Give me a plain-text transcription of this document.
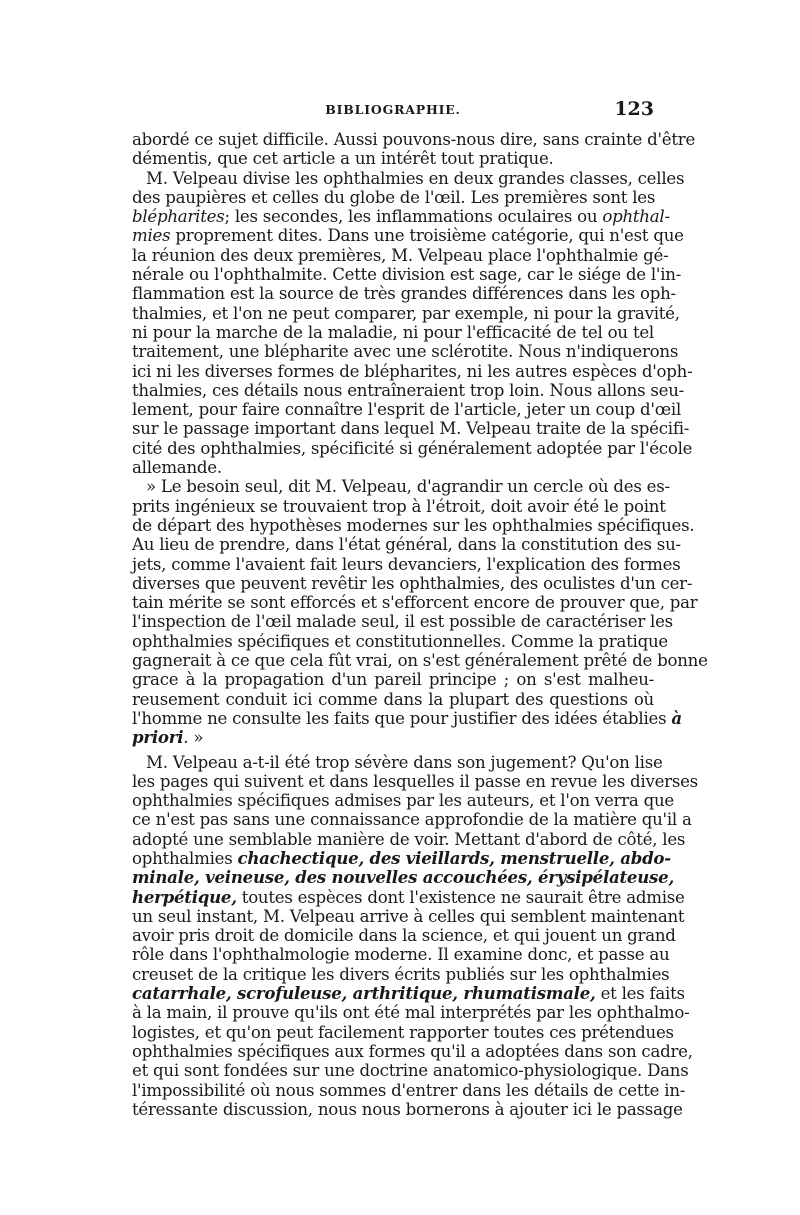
BIBLIOGRAPHIE.	123
abordé ce sujet difficile. Aussi pouvons-nous dire, sans crainte d'être
démentis, que cet article a un intérêt tout pratique.
M. Velpeau divise les ophthalmies en deux grandes classes, celles
des paupières et celles du globe de l'œil. Les premières sont les
blépharites; les secondes, les inflammations oculaires ou ophthal-
mies proprement dites. Dans une troisième catégorie, qui n'est que
la réunion des deux premières, M. Velpeau place l'ophthalmie gé-
nérale ou l'ophthalmite. Cette division est sage, car le siége de l'in-
flammation est la source de très grandes différences dans les oph-
thalmies, et l'on ne peut comparer, par exemple, ni pour la gravité,
ni pour la marche de la maladie, ni pour l'efficacité de tel ou tel
traitement, une blépharite avec une sclérotite. Nous n'indiquerons
ici ni les diverses formes de blépharites, ni les autres espèces d'oph-
thalmies, ces détails nous entraîneraient trop loin. Nous allons seu-
lement, pour faire connaître l'esprit de l'article, jeter un coup d'œil
sur le passage important dans lequel M. Velpeau traite de la spécifi-
cité des ophthalmies, spécificité si généralement adoptée par l'école
allemande.
» Le besoin seul, dit M. Velpeau, d'agrandir un cercle où des es-
prits ingénieux se trouvaient trop à l'étroit, doit avoir été le point
de départ des hypothèses modernes sur les ophthalmies spécifiques.
Au lieu de prendre, dans l'état général, dans la constitution des su-
jets, comme l'avaient fait leurs devanciers, l'explication des formes
diverses que peuvent revêtir les ophthalmies, des oculistes d'un cer-
tain mérite se sont efforcés et s'efforcent encore de prouver que, par
l'inspection de l'œil malade seul, il est possible de caractériser les
ophthalmies spécifiques et constitutionnelles. Comme la pratique
gagnerait à ce que cela fût vrai, on s'est généralement prêté de bonne
grace à la propagation d'un pareil principe ; on s'est malheu-
reusement conduit ici comme dans la plupart des questions où
l'homme ne consulte les faits que pour justifier des idées établies à
priori. »
M. Velpeau a-t-il été trop sévère dans son jugement? Qu'on lise
les pages qui suivent et dans lesquelles il passe en revue les diverses
ophthalmies spécifiques admises par les auteurs, et l'on verra que
ce n'est pas sans une connaissance approfondie de la matière qu'il a
adopté une semblable manière de voir. Mettant d'abord de côté, les
ophthalmies chachectique, des vieillards, menstruelle, abdo-
minale, veineuse, des nouvelles accouchées, érysipélateuse,
herpétique, toutes espèces dont l'existence ne saurait être admise
un seul instant, M. Velpeau arrive à celles qui semblent maintenant
avoir pris droit de domicile dans la science, et qui jouent un grand
rôle dans l'ophthalmologie moderne. Il examine donc, et passe au
creuset de la critique les divers écrits publiés sur les ophthalmies
catarrhale, scrofuleuse, arthritique, rhumatismale, et les faits
à la main, il prouve qu'ils ont été mal interprétés par les ophthalmo-
logistes, et qu'on peut facilement rapporter toutes ces prétendues
ophthalmies spécifiques aux formes qu'il a adoptées dans son cadre,
et qui sont fondées sur une doctrine anatomico-physiologique. Dans
l'impossibilité où nous sommes d'entrer dans les détails de cette in-
téressante discussion, nous nous bornerons à ajouter ici le passage
